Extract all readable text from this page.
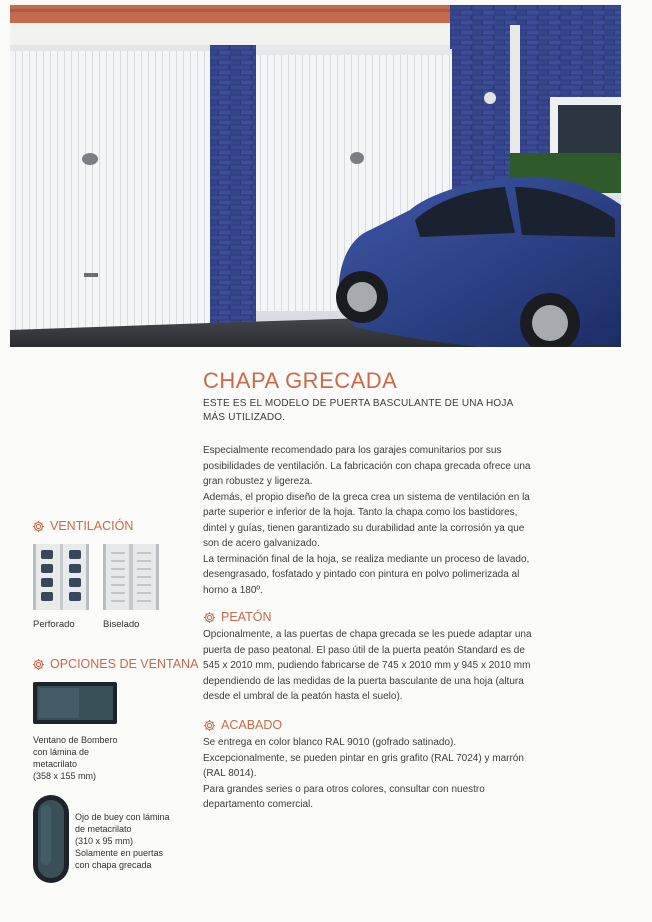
CHAPA GRECADA

ESTE ES EL MODELO DE PUERTA BASCULANTE DE UNA HOJA MÁS UTILIZADO.

Especialmente recomendado para los garajes comunitarios por sus posibilidades de ventilación. La fabricación con chapa grecada ofrece una gran robustez y ligereza.

Además, el propio diseño de la greca crea un sistema de ventilación en la parte superior e inferior de la hoja. Tanto la chapa como los bastidores, dintel y guías, tienen garantizado su durabilidad ante la corrosión ya que son de acero galvanizado.

La terminación final de la hoja, se realiza mediante un proceso de lavado, desengrasado, fosfatado y pintado con pintura en polvo polimerizada al horno a 180º.

PEATÓN

Opcionalmente, a las puertas de chapa grecada se les puede adaptar una puerta de paso peatonal. El paso útil de la puerta peatón Standard es de 545 x 2010 mm, pudiendo fabricarse de 745 x 2010 mm y 945 x 2010 mm dependiendo de las medidas de la puerta basculante de una hoja (altura desde el umbral de la peatón hasta el suelo).

ACABADO

Se entrega en color blanco RAL 9010 (gofrado satinado).

Excepcionalmente, se pueden pintar en gris grafito (RAL 7024) y marrón (RAL 8014).

Para grandes series o para otros colores, consultar con nuestro departamento comercial.

VENTILACIÓN
Perforado	Biselado
OPCIONES DE VENTANA
Ventano de Bombero
con lámina de
metacrilato
(358 x 155 mm)
Ojo de buey con lámina
de metacrilato
(310 x 95 mm)
Solamente en puertas
con chapa grecada
